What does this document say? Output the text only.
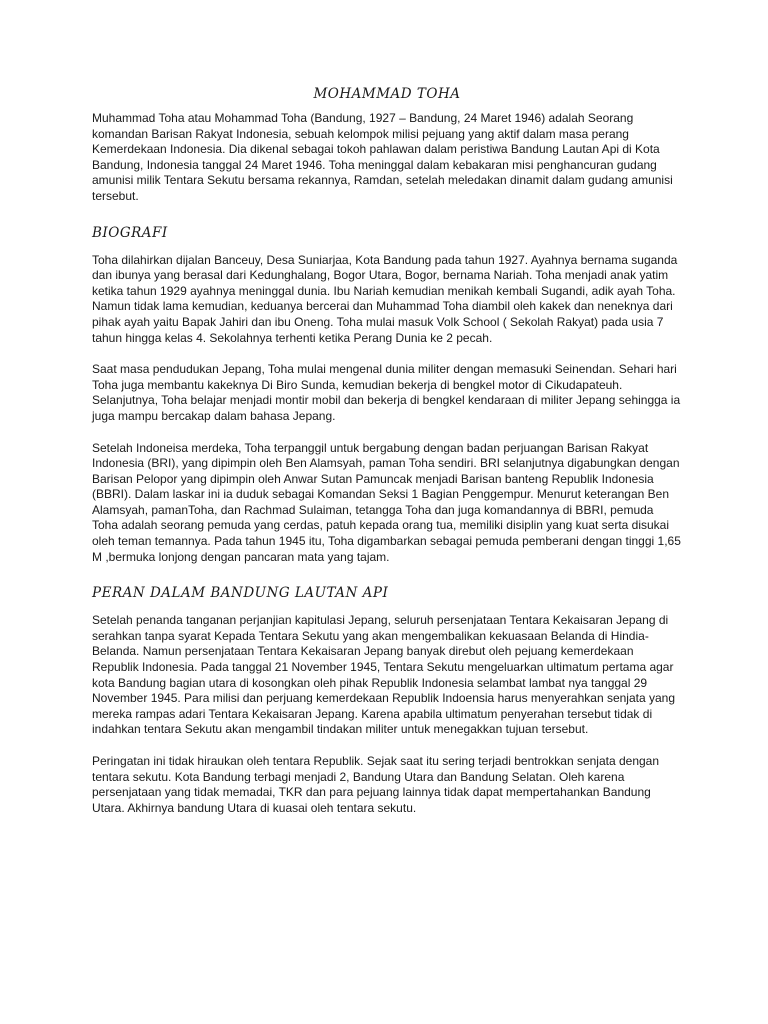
MOHAMMAD TOHA

Muhammad Toha atau Mohammad Toha (Bandung, 1927 – Bandung, 24 Maret 1946) adalah Seorang komandan Barisan Rakyat Indonesia, sebuah kelompok milisi pejuang yang aktif dalam masa perang Kemerdekaan Indonesia. Dia dikenal sebagai tokoh pahlawan dalam peristiwa Bandung Lautan Api di Kota Bandung, Indonesia tanggal 24 Maret 1946. Toha meninggal dalam kebakaran misi penghancuran gudang amunisi milik Tentara Sekutu bersama rekannya, Ramdan, setelah meledakan dinamit dalam gudang amunisi tersebut.

BIOGRAFI

Toha dilahirkan dijalan Banceuy, Desa Suniarjaa, Kota Bandung pada tahun 1927. Ayahnya bernama suganda dan ibunya yang berasal dari Kedunghalang, Bogor Utara, Bogor, bernama Nariah. Toha menjadi anak yatim ketika tahun 1929 ayahnya meninggal dunia. Ibu Nariah kemudian menikah kembali Sugandi, adik ayah Toha. Namun tidak lama kemudian, keduanya bercerai dan Muhammad Toha diambil oleh kakek dan neneknya dari pihak ayah yaitu Bapak Jahiri dan ibu Oneng. Toha mulai masuk Volk School ( Sekolah Rakyat) pada usia 7 tahun hingga kelas 4. Sekolahnya terhenti ketika Perang Dunia ke 2 pecah.

Saat masa pendudukan Jepang, Toha mulai mengenal dunia militer dengan memasuki Seinendan. Sehari hari Toha juga membantu kakeknya Di Biro Sunda, kemudian bekerja di bengkel motor di Cikudapateuh. Selanjutnya, Toha belajar menjadi montir mobil dan bekerja di bengkel kendaraan di militer Jepang sehingga ia juga mampu bercakap dalam bahasa Jepang.

Setelah Indoneisa merdeka, Toha terpanggil untuk bergabung dengan badan perjuangan Barisan Rakyat Indonesia (BRI), yang dipimpin oleh Ben Alamsyah, paman Toha sendiri. BRI selanjutnya digabungkan dengan Barisan Pelopor yang dipimpin oleh Anwar Sutan Pamuncak menjadi Barisan banteng Republik Indonesia (BBRI). Dalam laskar ini ia duduk sebagai Komandan Seksi 1 Bagian Penggempur. Menurut keterangan Ben Alamsyah, pamanToha, dan Rachmad Sulaiman, tetangga Toha dan juga komandannya di BBRI, pemuda Toha adalah seorang pemuda yang cerdas, patuh kepada orang tua, memiliki disiplin yang kuat serta disukai oleh teman temannya. Pada tahun 1945 itu, Toha digambarkan sebagai pemuda pemberani dengan tinggi 1,65 M ,bermuka lonjong dengan pancaran mata yang tajam.

PERAN DALAM BANDUNG LAUTAN API

Setelah penanda tanganan perjanjian kapitulasi Jepang, seluruh persenjataan Tentara Kekaisaran Jepang di serahkan tanpa syarat Kepada Tentara Sekutu yang akan mengembalikan kekuasaan Belanda di Hindia-Belanda. Namun persenjataan Tentara Kekaisaran Jepang banyak direbut oleh pejuang kemerdekaan Republik Indonesia. Pada tanggal 21 November 1945, Tentara Sekutu mengeluarkan ultimatum pertama agar kota Bandung bagian utara di kosongkan oleh pihak Republik Indonesia selambat lambat nya tanggal 29 November 1945. Para milisi dan perjuang kemerdekaan Republik Indoensia harus menyerahkan senjata yang mereka rampas adari Tentara Kekaisaran Jepang. Karena apabila ultimatum penyerahan tersebut tidak di indahkan tentara Sekutu akan mengambil tindakan militer untuk menegakkan tujuan tersebut.

Peringatan ini tidak hiraukan oleh tentara Republik. Sejak saat itu sering terjadi bentrokkan senjata dengan tentara sekutu. Kota Bandung terbagi menjadi 2, Bandung Utara dan Bandung Selatan. Oleh karena persenjataan yang tidak memadai, TKR dan para pejuang lainnya tidak dapat mempertahankan Bandung Utara. Akhirnya bandung Utara di kuasai oleh tentara sekutu.
